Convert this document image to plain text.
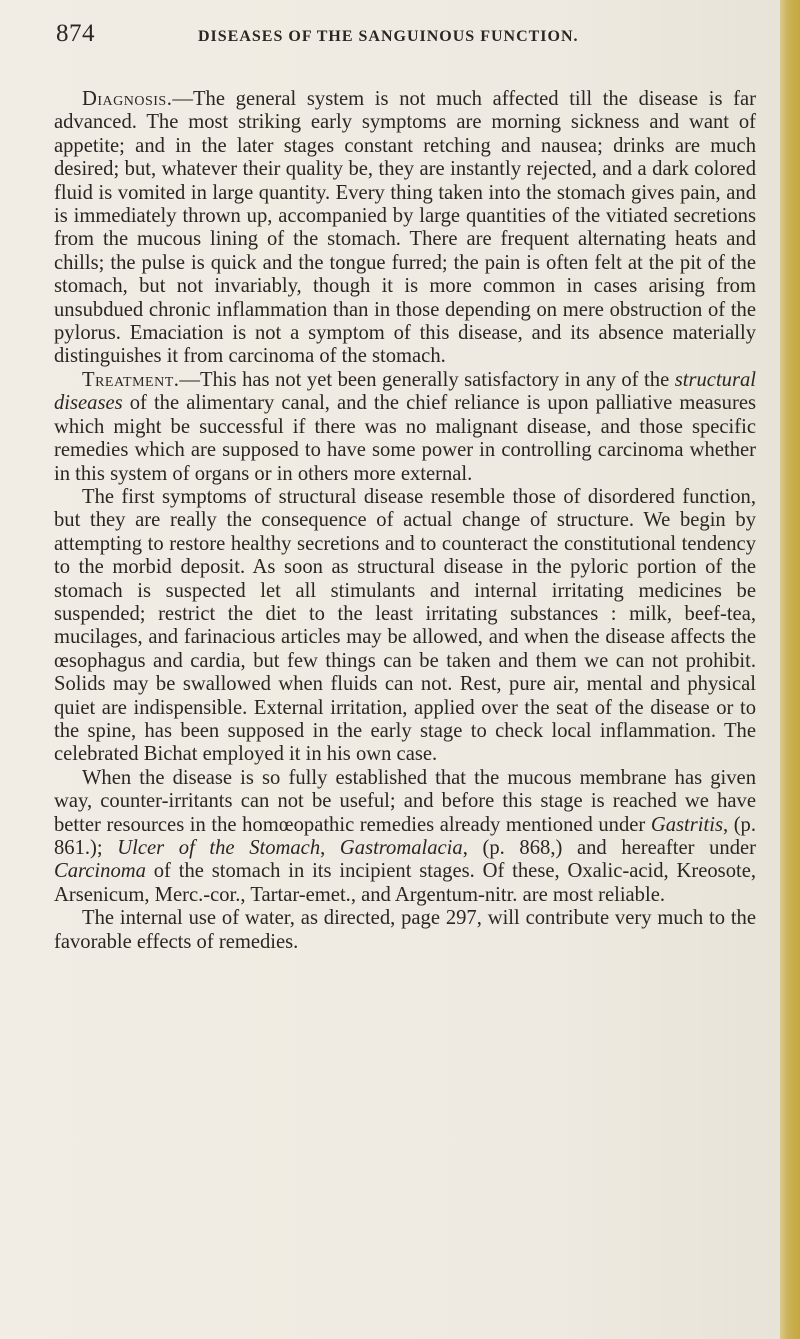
874	DISEASES OF THE SANGUINOUS FUNCTION.

Diagnosis.—The general system is not much affected till the disease is far advanced. The most striking early symptoms are morning sickness and want of appetite; and in the later stages constant retching and nausea; drinks are much desired; but, whatever their quality be, they are instantly rejected, and a dark colored fluid is vomited in large quantity. Every thing taken into the stomach gives pain, and is immediately thrown up, accompanied by large quantities of the vitiated secretions from the mucous lining of the stomach. There are frequent alternating heats and chills; the pulse is quick and the tongue furred; the pain is often felt at the pit of the stomach, but not invariably, though it is more common in cases arising from unsubdued chronic inflammation than in those depending on mere obstruction of the pylorus. Emaciation is not a symptom of this disease, and its absence materially distinguishes it from carcinoma of the stomach.

Treatment.—This has not yet been generally satisfactory in any of the structural diseases of the alimentary canal, and the chief reliance is upon palliative measures which might be successful if there was no malignant disease, and those specific remedies which are supposed to have some power in controlling carcinoma whether in this system of organs or in others more external.

The first symptoms of structural disease resemble those of disordered function, but they are really the consequence of actual change of structure. We begin by attempting to restore healthy secretions and to counteract the constitutional tendency to the morbid deposit. As soon as structural disease in the pyloric portion of the stomach is suspected let all stimulants and internal irritating medicines be suspended; restrict the diet to the least irritating substances : milk, beef-tea, mucilages, and farinacious articles may be allowed, and when the disease affects the œsophagus and cardia, but few things can be taken and them we can not prohibit. Solids may be swallowed when fluids can not. Rest, pure air, mental and physical quiet are indispensible. External irritation, applied over the seat of the disease or to the spine, has been supposed in the early stage to check local inflammation. The celebrated Bichat employed it in his own case.

When the disease is so fully established that the mucous membrane has given way, counter-irritants can not be useful; and before this stage is reached we have better resources in the homœopathic remedies already mentioned under Gastritis, (p. 861.); Ulcer of the Stomach, Gastromalacia, (p. 868,) and hereafter under Carcinoma of the stomach in its incipient stages. Of these, Oxalic-acid, Kreosote, Arsenicum, Merc.-cor., Tartar-emet., and Argentum-nitr. are most reliable.

The internal use of water, as directed, page 297, will contribute very much to the favorable effects of remedies.
